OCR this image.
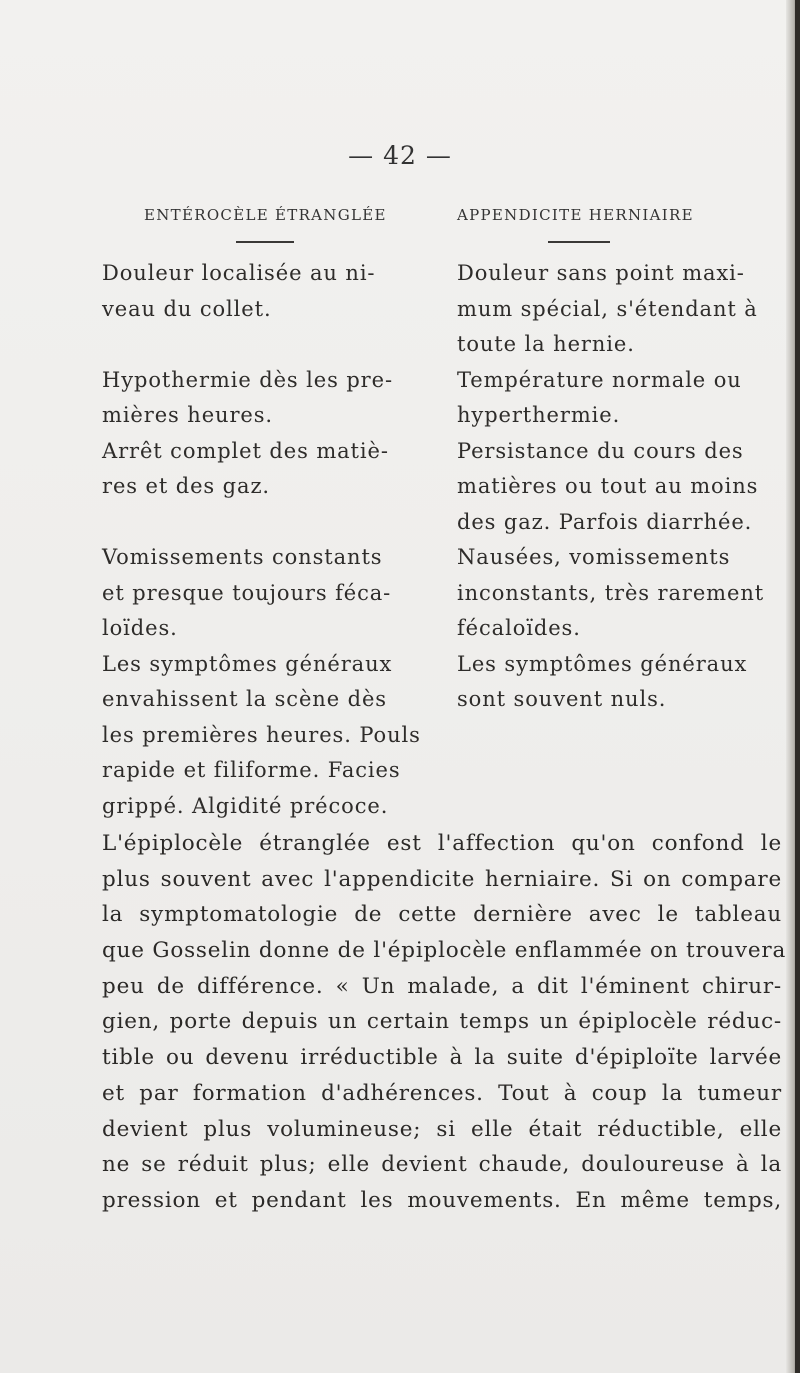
— 42 —
ENTÉROCÈLE ÉTRANGLÉE	APPENDICITE HERNIAIRE
Douleur localisée au ni-
veau du collet.
Hypothermie dès les pre-
mières heures.
Arrêt complet des matiè-
res et des gaz.
Vomissements constants
et presque toujours féca-
loïdes.
Les symptômes généraux
envahissent la scène dès
les premières heures. Pouls
rapide et filiforme. Facies
grippé. Algidité précoce.
Douleur sans point maxi-
mum spécial, s'étendant à
toute la hernie.
Température normale ou
hyperthermie.
Persistance du cours des
matières ou tout au moins
des gaz. Parfois diarrhée.
Nausées, vomissements
inconstants, très rarement
fécaloïdes.
Les symptômes généraux
sont souvent nuls.
L'épiplocèle étranglée est l'affection qu'on confond le
plus souvent avec l'appendicite herniaire. Si on compare
la symptomatologie de cette dernière avec le tableau
que Gosselin donne de l'épiplocèle enflammée on trouvera
peu de différence. « Un malade, a dit l'éminent chirur-
gien, porte depuis un certain temps un épiplocèle réduc-
tible ou devenu irréductible à la suite d'épiploïte larvée
et par formation d'adhérences. Tout à coup la tumeur
devient plus volumineuse; si elle était réductible, elle
ne se réduit plus; elle devient chaude, douloureuse à la
pression et pendant les mouvements. En même temps,
